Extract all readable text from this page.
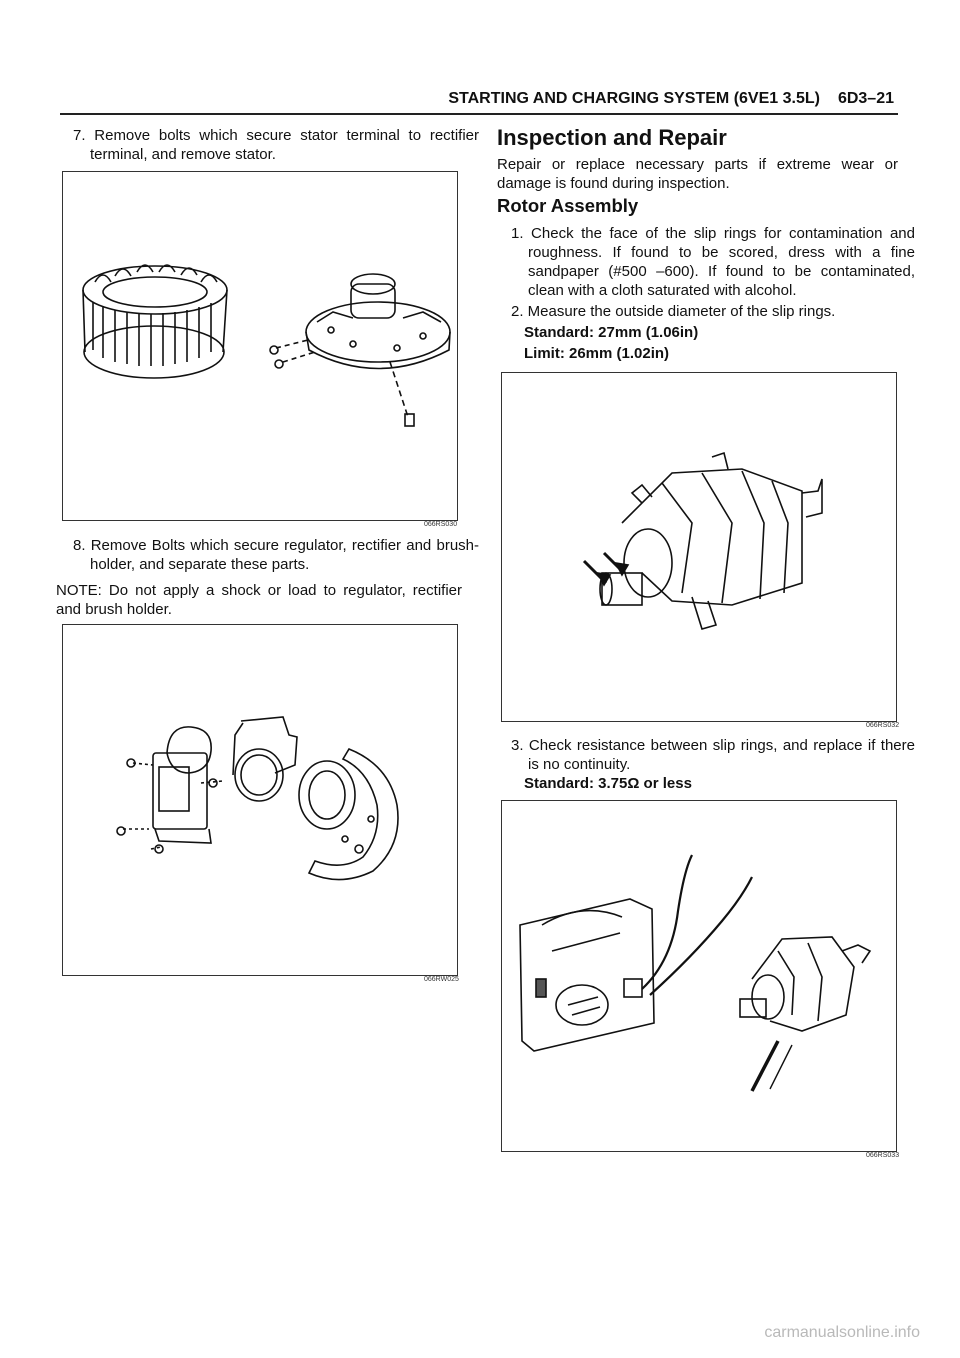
STARTING AND CHARGING SYSTEM (6VE1 3.5L) 6D3–21
7. Remove bolts which secure stator terminal to rectifier terminal, and remove stator.
066RS030
8. Remove Bolts which secure regulator, rectifier and brush-holder, and separate these parts.
NOTE: Do not apply a shock or load to regulator, rectifier and brush holder.
066RW025
Inspection and Repair
Repair or replace necessary parts if extreme wear or damage is found during inspection.
Rotor Assembly
1. Check the face of the slip rings for contamination and roughness. If found to be scored, dress with a fine sandpaper (#500 –600). If found to be contaminated, clean with a cloth saturated with alcohol.
2. Measure the outside diameter of the slip rings.
Standard: 27mm (1.06in)
Limit: 26mm (1.02in)
066RS032
3. Check resistance between slip rings, and replace if there is no continuity.
Standard: 3.75Ω or less
066RS033
carmanualsonline.info
